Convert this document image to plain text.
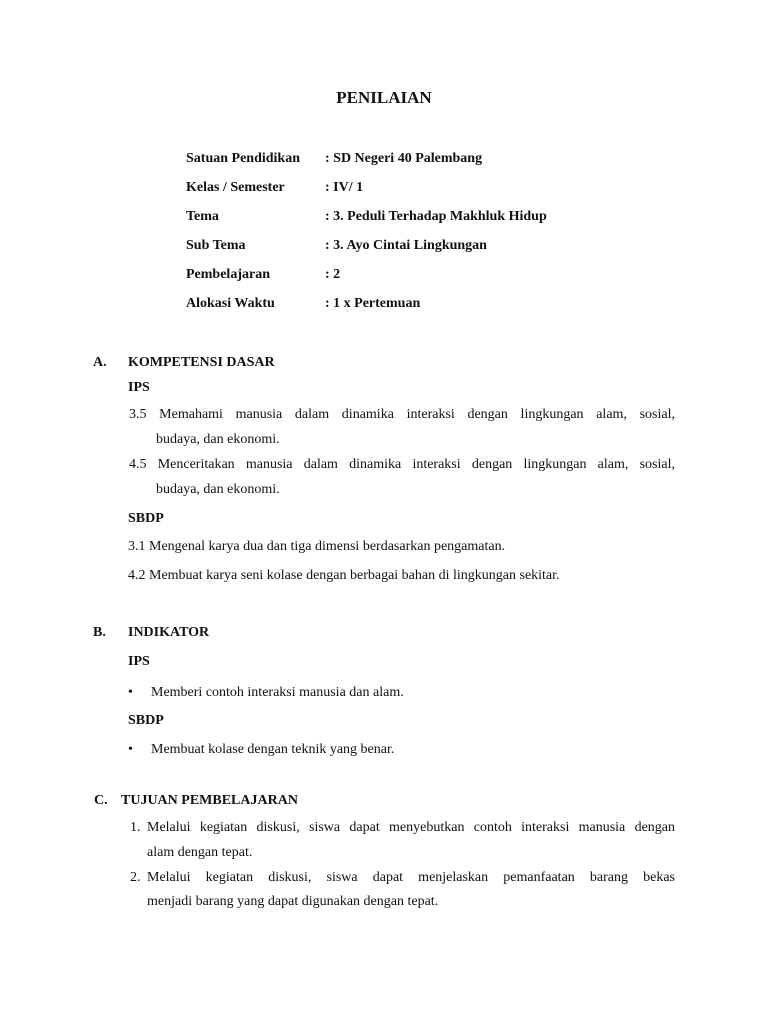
PENILAIAN
Satuan Pendidikan : SD Negeri 40 Palembang
Kelas / Semester	: IV/ 1
Tema	: 3. Peduli Terhadap Makhluk Hidup
Sub Tema	: 3. Ayo Cintai Lingkungan
Pembelajaran	: 2
Alokasi Waktu	: 1 x Pertemuan
A. KOMPETENSI DASAR
IPS
3.5 Memahami manusia dalam dinamika interaksi dengan lingkungan alam, sosial,
budaya, dan ekonomi.
4.5 Menceritakan manusia dalam dinamika interaksi dengan lingkungan alam, sosial,
budaya, dan ekonomi.
SBDP
3.1 Mengenal karya dua dan tiga dimensi berdasarkan pengamatan.
4.2 Membuat karya seni kolase dengan berbagai bahan di lingkungan sekitar.
B. INDIKATOR
IPS
• Memberi contoh interaksi manusia dan alam.
SBDP
• Membuat kolase dengan teknik yang benar.
C. TUJUAN PEMBELAJARAN
1. Melalui kegiatan diskusi, siswa dapat menyebutkan contoh interaksi manusia dengan
alam dengan tepat.
2. Melalui kegiatan diskusi, siswa dapat menjelaskan pemanfaatan barang bekas
menjadi barang yang dapat digunakan dengan tepat.
